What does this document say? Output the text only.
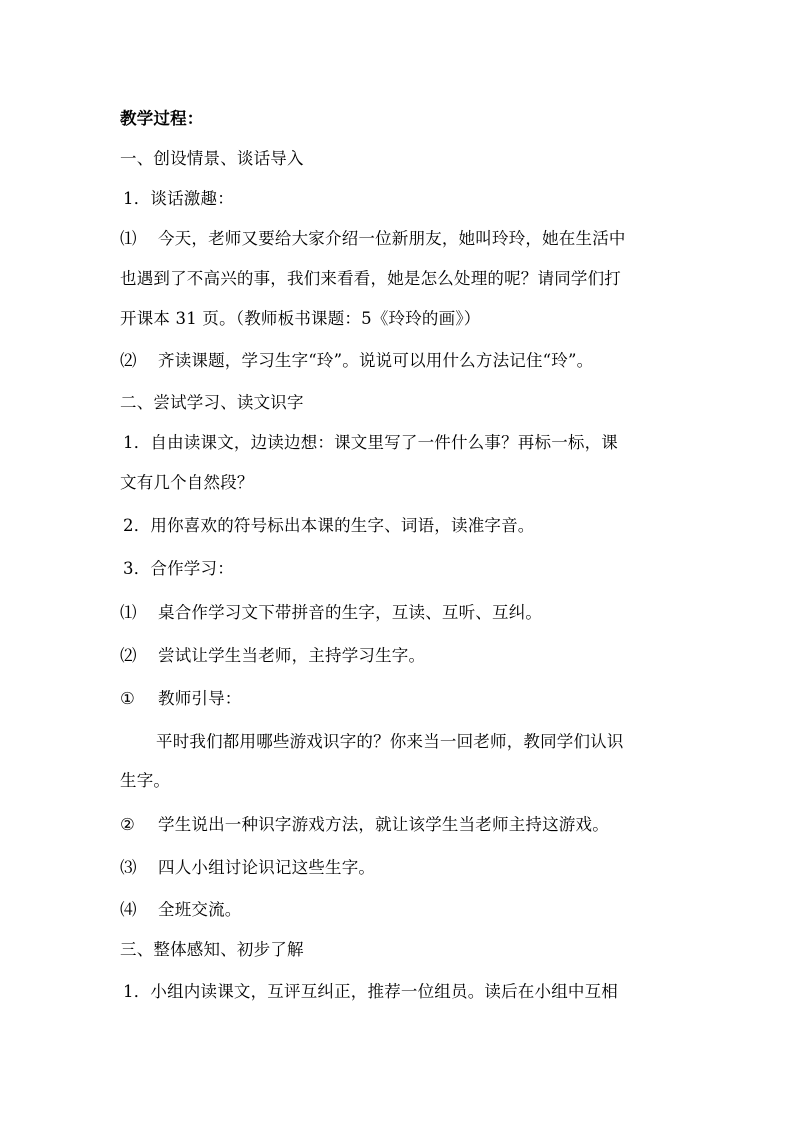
教学过程：
一、创设情景、谈话导入
1．谈话激趣：
⑴ 今天，老师又要给大家介绍一位新朋友，她叫玲玲，她在生活中
也遇到了不高兴的事，我们来看看，她是怎么处理的呢？请同学们打
开课本 31 页。（教师板书课题：5《玲玲的画》）
⑵ 齐读课题，学习生字“玲”。说说可以用什么方法记住“玲”。
二、尝试学习、读文识字
1．自由读课文，边读边想：课文里写了一件什么事？再标一标，课
文有几个自然段？
2．用你喜欢的符号标出本课的生字、词语，读准字音。
3．合作学习：
⑴ 桌合作学习文下带拼音的生字，互读、互听、互纠。
⑵ 尝试让学生当老师，主持学习生字。
① 教师引导：
平时我们都用哪些游戏识字的？你来当一回老师，教同学们认识
生字。
② 学生说出一种识字游戏方法，就让该学生当老师主持这游戏。
⑶ 四人小组讨论识记这些生字。
⑷ 全班交流。
三、整体感知、初步了解
1．小组内读课文，互评互纠正，推荐一位组员。读后在小组中互相
